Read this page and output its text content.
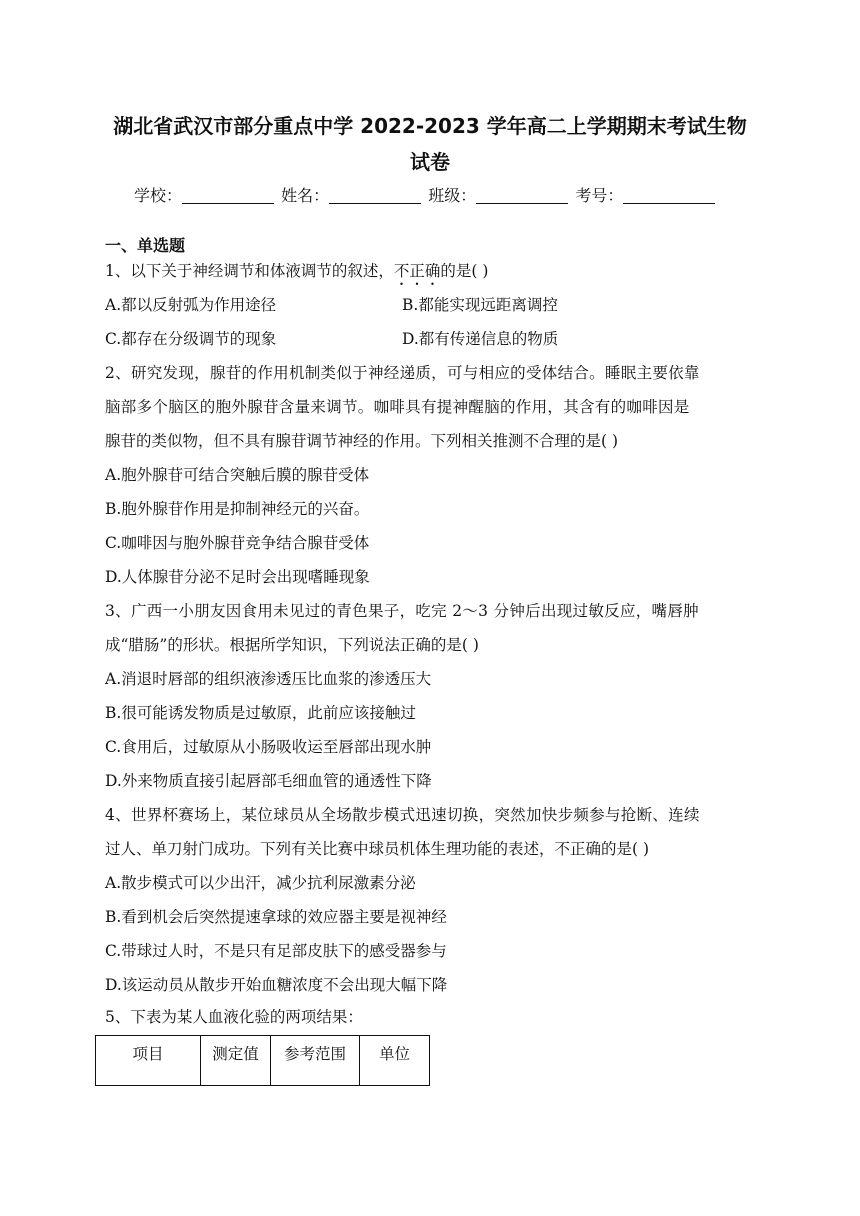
湖北省武汉市部分重点中学 2022-2023 学年高二上学期期末考试生物
试卷
学校：	姓名：	班级：	考号：
一、单选题
1、以下关于神经调节和体液调节的叙述，不正确的是( )
A.都以反射弧为作用途径	B.都能实现远距离调控
C.都存在分级调节的现象	D.都有传递信息的物质
2、研究发现，腺苷的作用机制类似于神经递质，可与相应的受体结合。睡眠主要依靠
脑部多个脑区的胞外腺苷含量来调节。咖啡具有提神醒脑的作用，其含有的咖啡因是
腺苷的类似物，但不具有腺苷调节神经的作用。下列相关推测不合理的是( )
A.胞外腺苷可结合突触后膜的腺苷受体
B.胞外腺苷作用是抑制神经元的兴奋。
C.咖啡因与胞外腺苷竞争结合腺苷受体
D.人体腺苷分泌不足时会出现嗜睡现象
3、广西一小朋友因食用未见过的青色果子，吃完 2～3 分钟后出现过敏反应，嘴唇肿
成“腊肠”的形状。根据所学知识，下列说法正确的是( )
A.消退时唇部的组织液渗透压比血浆的渗透压大
B.很可能诱发物质是过敏原，此前应该接触过
C.食用后，过敏原从小肠吸收运至唇部出现水肿
D.外来物质直接引起唇部毛细血管的通透性下降
4、世界杯赛场上，某位球员从全场散步模式迅速切换，突然加快步频参与抢断、连续
过人、单刀射门成功。下列有关比赛中球员机体生理功能的表述，不正确的是( )
A.散步模式可以少出汗，减少抗利尿激素分泌
B.看到机会后突然提速拿球的效应器主要是视神经
C.带球过人时，不是只有足部皮肤下的感受器参与
D.该运动员从散步开始血糖浓度不会出现大幅下降
5、下表为某人血液化验的两项结果：
项目	测定值	参考范围	单位
